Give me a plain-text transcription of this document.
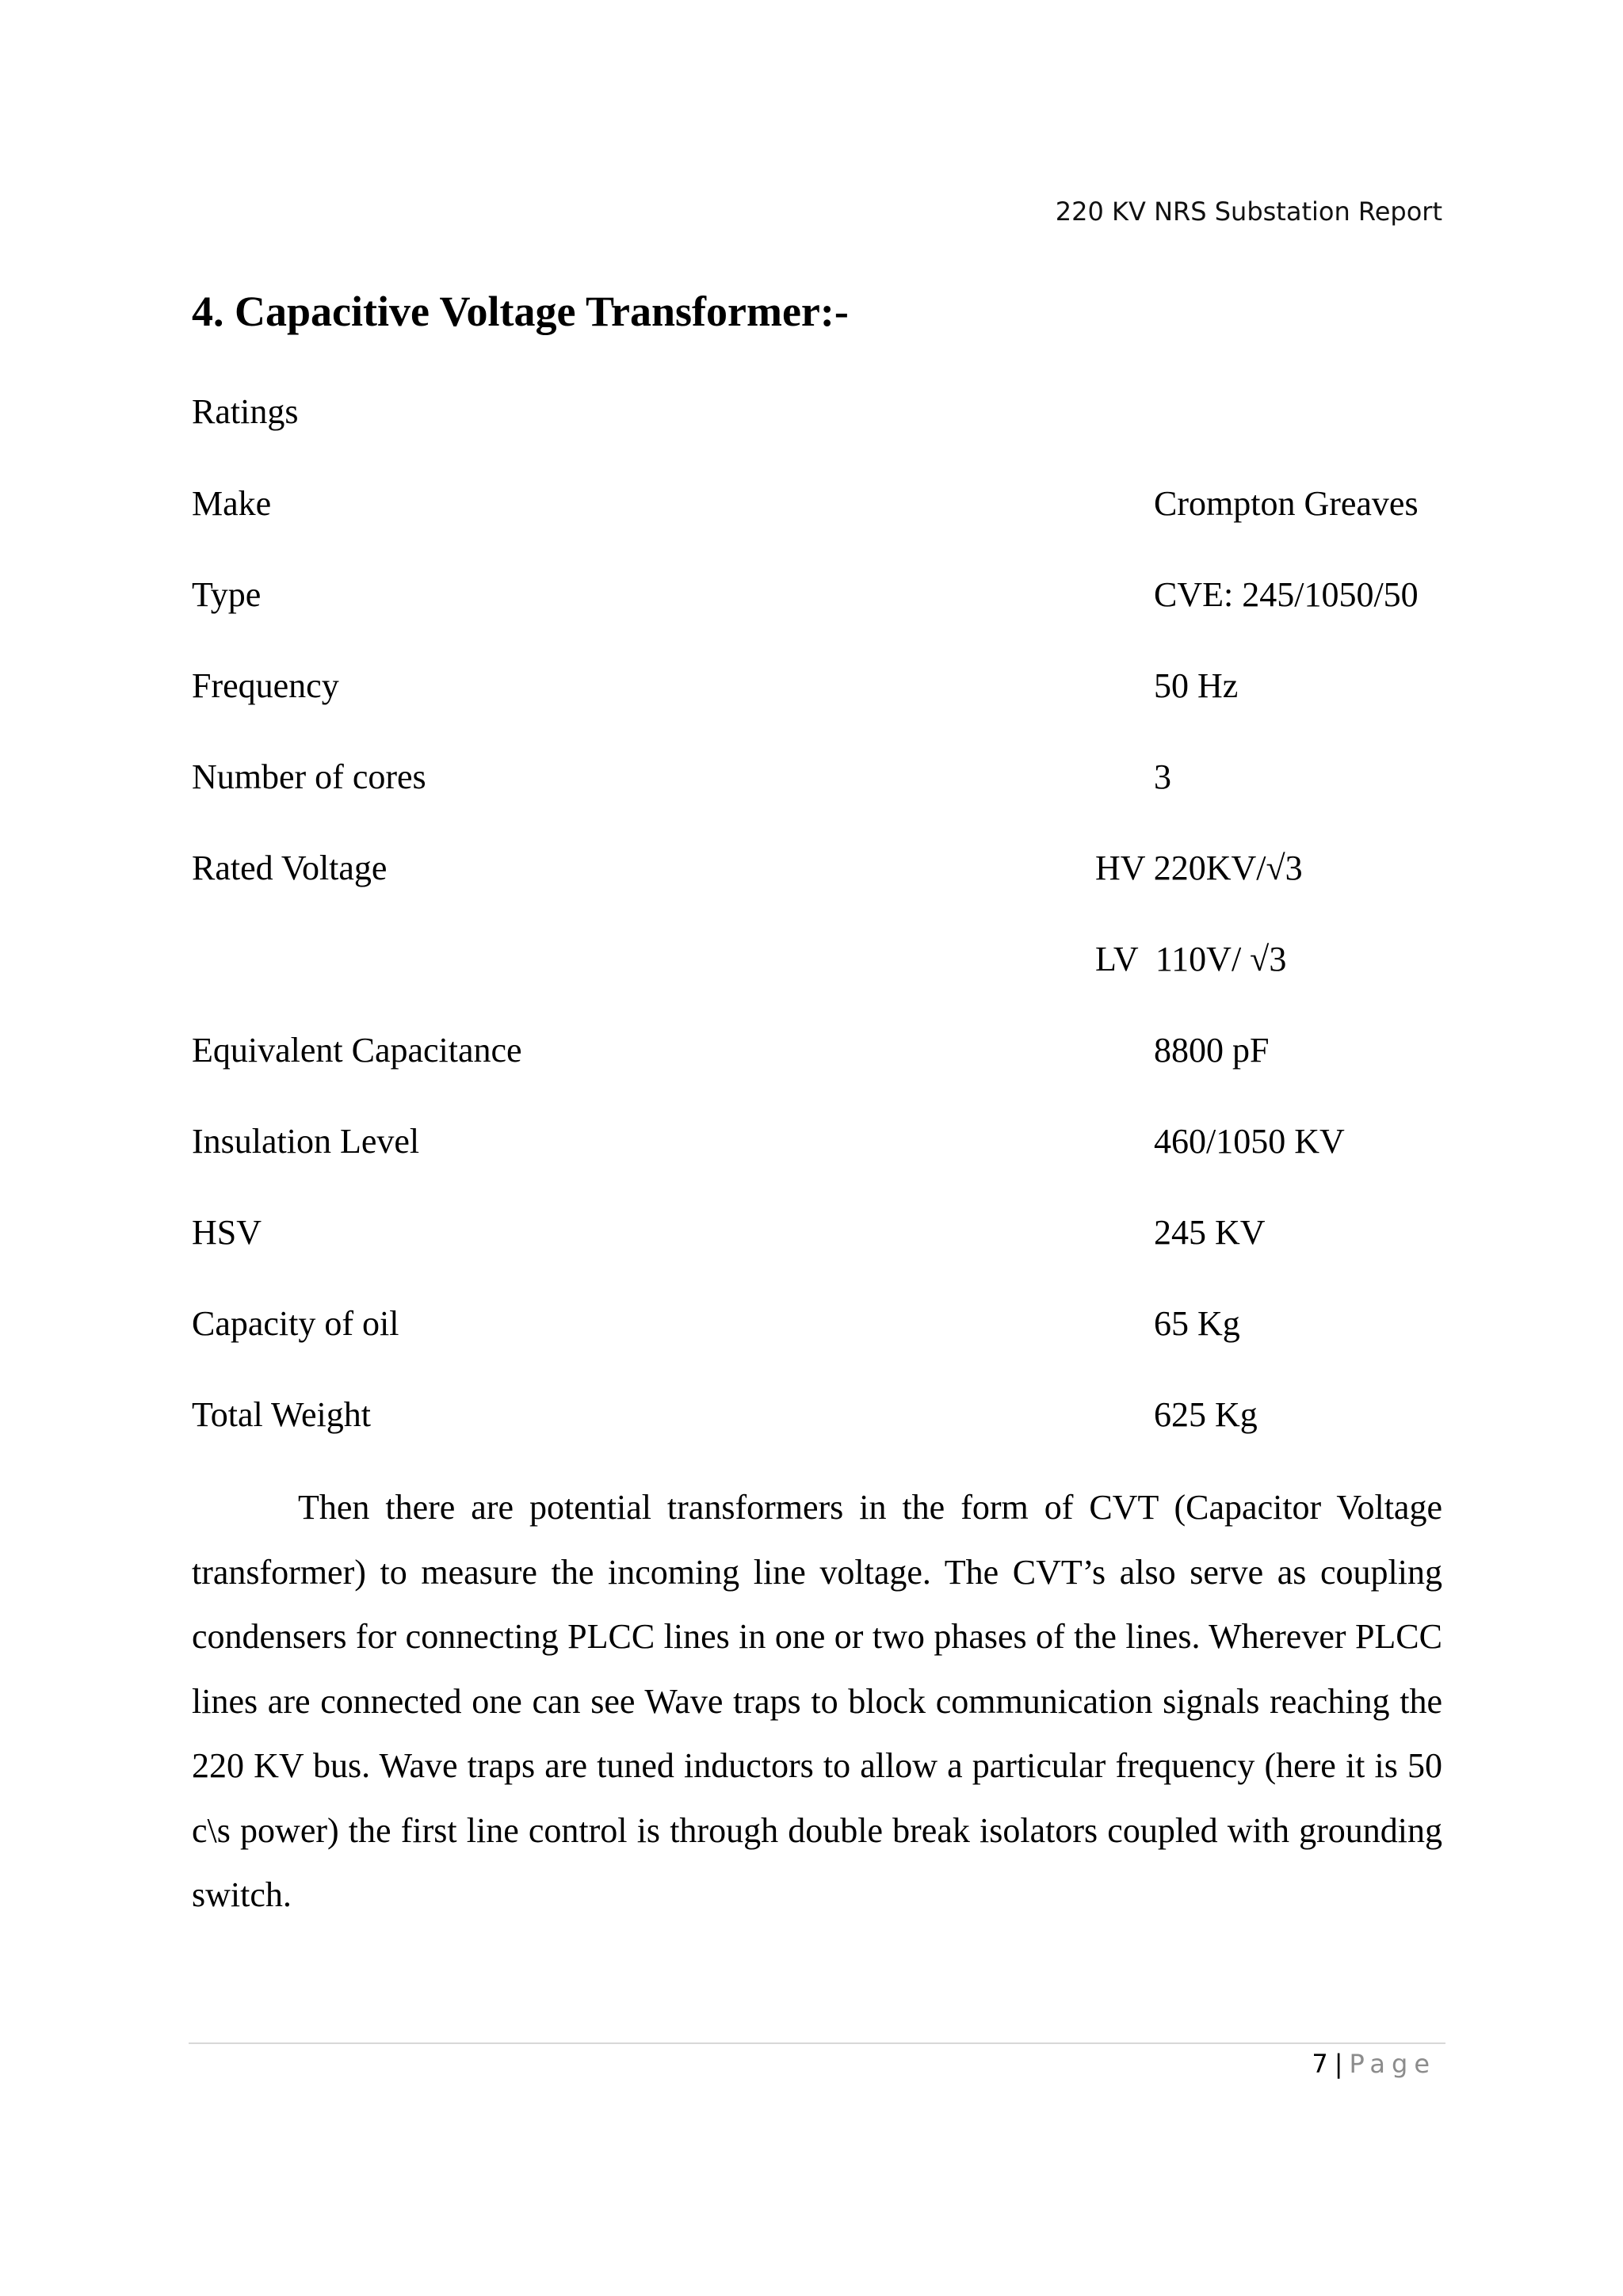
220 KV NRS Substation Report
4. Capacitive Voltage Transformer:-
Ratings
Make	Crompton Greaves
Type	CVE: 245/1050/50
Frequency	50 Hz
Number of cores	3
Rated Voltage	HV 220KV/√3
LV  110V/ √3
Equivalent Capacitance	8800 pF
Insulation Level	460/1050 KV
HSV	245 KV
Capacity of oil	65 Kg
Total Weight	625 Kg

Then there are potential transformers in the form of CVT (Capacitor Voltage transformer) to measure the incoming line voltage. The CVT’s also serve as coupling condensers for connecting PLCC lines in one or two phases of the lines. Wherever PLCC lines are connected one can see Wave traps to block communication signals reaching the 220 KV bus. Wave traps are tuned inductors to allow a particular frequency (here it is 50 c\s power) the first line control is through double break isolators coupled with grounding switch.

7 | Page
